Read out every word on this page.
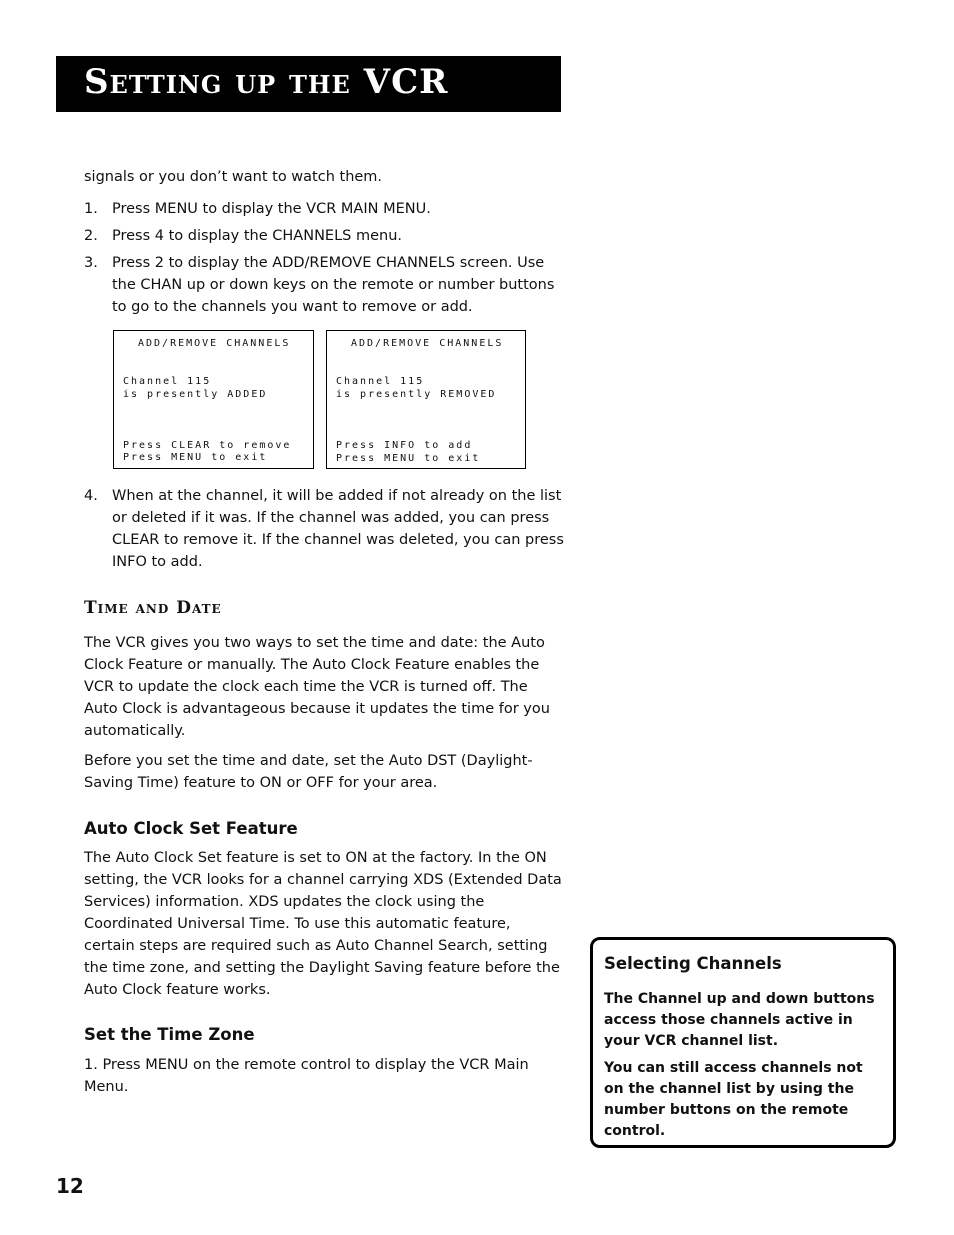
Setting up the VCR
signals or you don’t want to watch them.
1. Press MENU to display the VCR MAIN MENU.
2. Press 4 to display the CHANNELS menu.
3. Press 2 to display the ADD/REMOVE CHANNELS screen. Use the CHAN up or down keys on the remote or number buttons to go to the channels you want to remove or add.

ADD/REMOVE CHANNELS

Channel 115

is presently ADDED

Press CLEAR to remove

Press MENU to exit

ADD/REMOVE CHANNELS

Channel 115

is presently REMOVED

Press INFO to add

Press MENU to exit

4. When at the channel, it will be added if not already on the list or deleted if it was. If the channel was added, you can press CLEAR to remove it. If the channel was deleted, you can press INFO to add.
Time and Date
The VCR gives you two ways to set the time and date: the Auto Clock Feature or manually. The Auto Clock Feature enables the VCR to update the clock each time the VCR is turned off. The Auto Clock is advantageous because it updates the time for you automatically.
Before you set the time and date, set the Auto DST (Daylight-Saving Time) feature to ON or OFF for your area.
Auto Clock Set Feature
The Auto Clock Set feature is set to ON at the factory. In the ON setting, the VCR looks for a channel carrying XDS (Extended Data Services) information. XDS updates the clock using the Coordinated Universal Time. To use this automatic feature, certain steps are required such as Auto Channel Search, setting the time zone, and setting the Daylight Saving feature before the Auto Clock feature works.
Set the Time Zone
1. Press MENU on the remote control to display the VCR Main Menu.
Selecting Channels
The Channel up and down buttons access those channels active in your VCR channel list.
You can still access channels not on the channel list by using the number buttons on the remote control.
12
